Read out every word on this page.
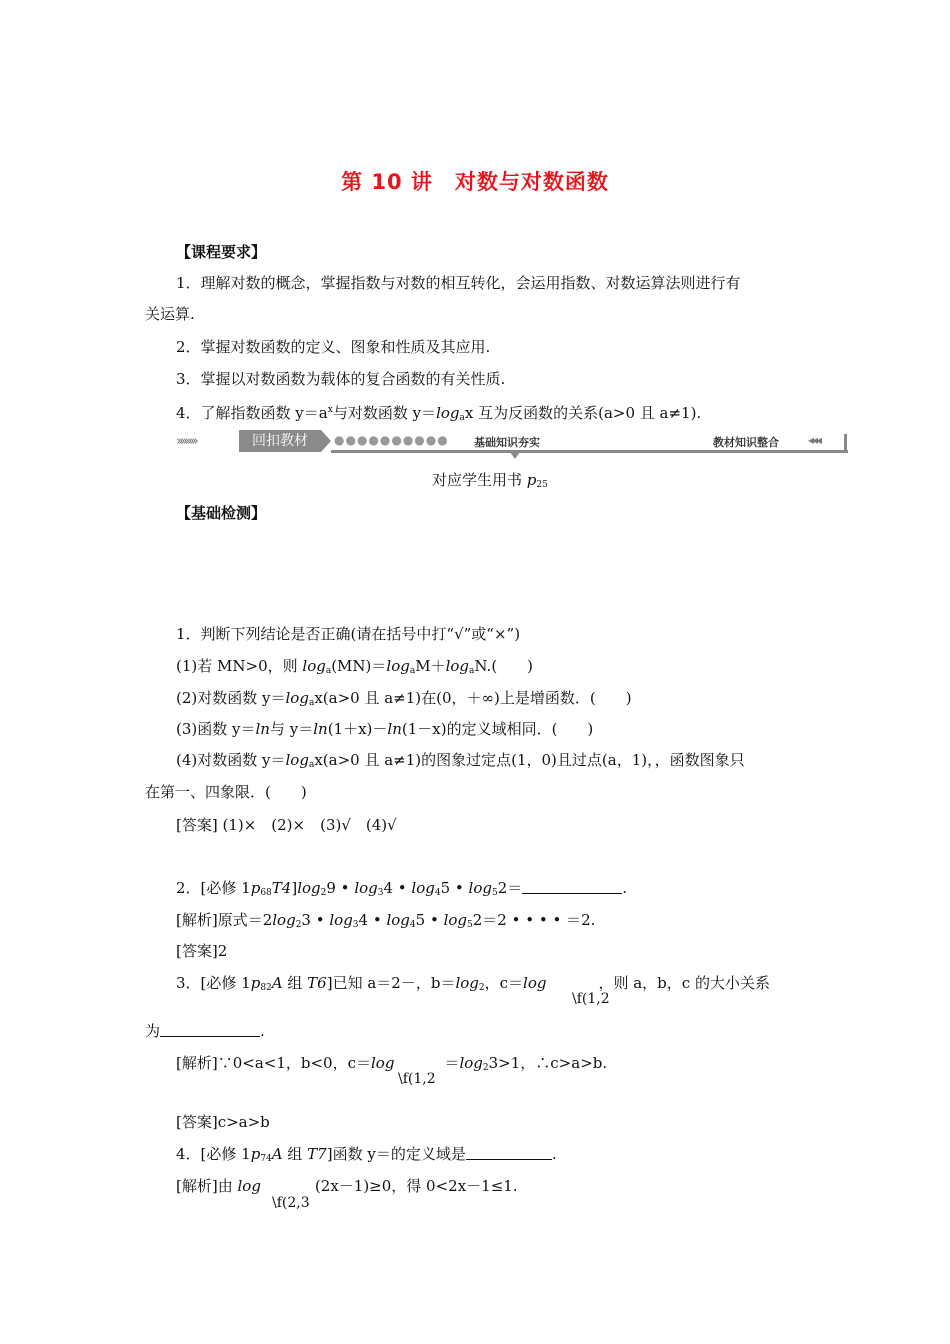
第 10 讲　对数与对数函数
【课程要求】
1．理解对数的概念，掌握指数与对数的相互转化，会运用指数、对数运算法则进行有
关运算.
2．掌握对数函数的定义、图象和性质及其应用.
3．掌握以对数函数为载体的复合函数的有关性质.
4．了解指数函数 $y=a^x$与对数函数 $y=\log_ax$ 互为反函数的关系(a>0 且 a≠1).
›››››››››	回扣教材	●●●●●●●●●● 基础知识夯实	教材知识整合 ◂◂◂
对应学生用书 $p_{25}$
【基础检测】
1．判断下列结论是否正确(请在括号中打“√”或“×”)
(1)若 MN>0，则 $\log_a(MN)=\log_aM+\log_aN$.(　　)
(2)对数函数 $y=\log_ax(a>0$ 且 a≠1)在(0，＋∞)上是增函数．(　　)
(3)函数 y＝ln与 y＝ln(1＋x)－ln(1－x)的定义域相同．(　　)
(4)对数函数 $y=\log_ax(a>0$ 且 a≠1)的图象过定点(1，0)且过点(a，1)，，函数图象只
在第一、四象限．(　　)
[答案] (1)×　(2)×　(3)√　(4)√
2．[必修 $1p_{68}T4]\log_29$ • $\log_34$ • $\log_45$ • $\log_52=$	.
[解析]原式$=2\log_23$ • $\log_34$ • $\log_45$ • $\log_52=2$ • • • • ＝2.
[答案]2
3．[必修 $1p_{82}A$ 组 T6]已知 a＝2－，$b=\log_2$，c＝log	，则 a，b，c 的大小关系
\f(1,2
为	.
[解析]∵0<a<1，b<0，c＝log	$=\log_23>1$，∴c>a>b.
\f(1,2
[答案]c>a>b
4．[必修 $1p_{74}A$ 组 T7]函数 y＝的定义域是	.
[解析]由 log	(2x－1)≥0，得 0<2x－1≤1.
\f(2,3
